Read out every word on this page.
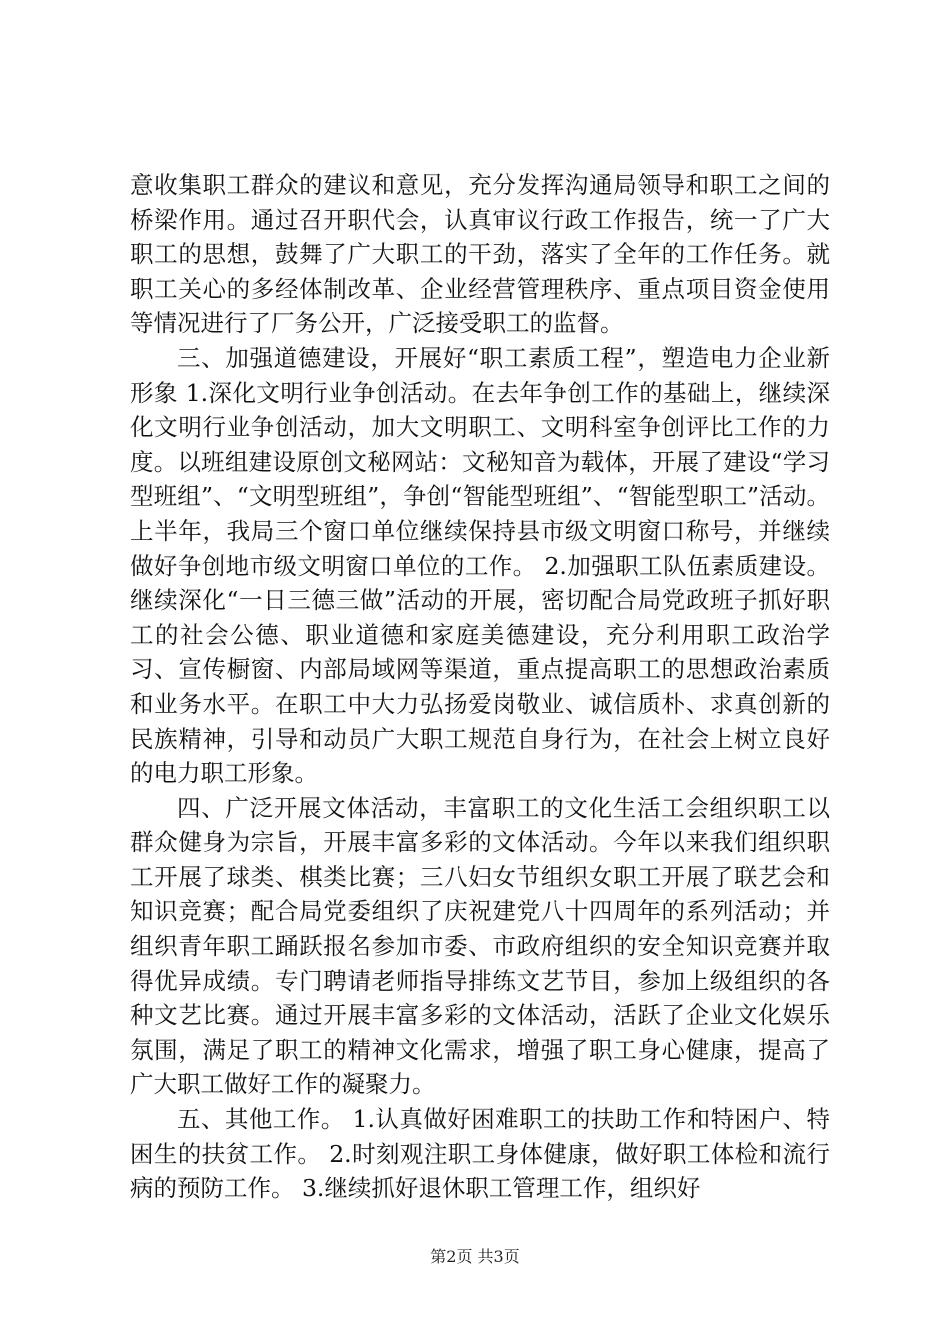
意收集职工群众的建议和意见，充分发挥沟通局领导和职工之间的桥梁作用。通过召开职代会，认真审议行政工作报告，统一了广大职工的思想，鼓舞了广大职工的干劲，落实了全年的工作任务。就职工关心的多经体制改革、企业经营管理秩序、重点项目资金使用等情况进行了厂务公开，广泛接受职工的监督。

三、加强道德建设，开展好“职工素质工程”，塑造电力企业新形象 1.深化文明行业争创活动。在去年争创工作的基础上，继续深化文明行业争创活动，加大文明职工、文明科室争创评比工作的力度。以班组建设原创文秘网站：文秘知音为载体，开展了建设“学习型班组”、“文明型班组”，争创“智能型班组”、“智能型职工”活动。上半年，我局三个窗口单位继续保持县市级文明窗口称号，并继续做好争创地市级文明窗口单位的工作。 2.加强职工队伍素质建设。继续深化“一日三德三做”活动的开展，密切配合局党政班子抓好职工的社会公德、职业道德和家庭美德建设，充分利用职工政治学习、宣传橱窗、内部局域网等渠道，重点提高职工的思想政治素质和业务水平。在职工中大力弘扬爱岗敬业、诚信质朴、求真创新的民族精神，引导和动员广大职工规范自身行为，在社会上树立良好的电力职工形象。

四、广泛开展文体活动，丰富职工的文化生活工会组织职工以群众健身为宗旨，开展丰富多彩的文体活动。今年以来我们组织职工开展了球类、棋类比赛；三八妇女节组织女职工开展了联艺会和知识竞赛；配合局党委组织了庆祝建党八十四周年的系列活动；并组织青年职工踊跃报名参加市委、市政府组织的安全知识竞赛并取得优异成绩。专门聘请老师指导排练文艺节目，参加上级组织的各种文艺比赛。通过开展丰富多彩的文体活动，活跃了企业文化娱乐氛围，满足了职工的精神文化需求，增强了职工身心健康，提高了广大职工做好工作的凝聚力。

五、其他工作。 1.认真做好困难职工的扶助工作和特困户、特困生的扶贫工作。 2.时刻观注职工身体健康，做好职工体检和流行病的预防工作。 3.继续抓好退休职工管理工作，组织好

第2页 共3页
